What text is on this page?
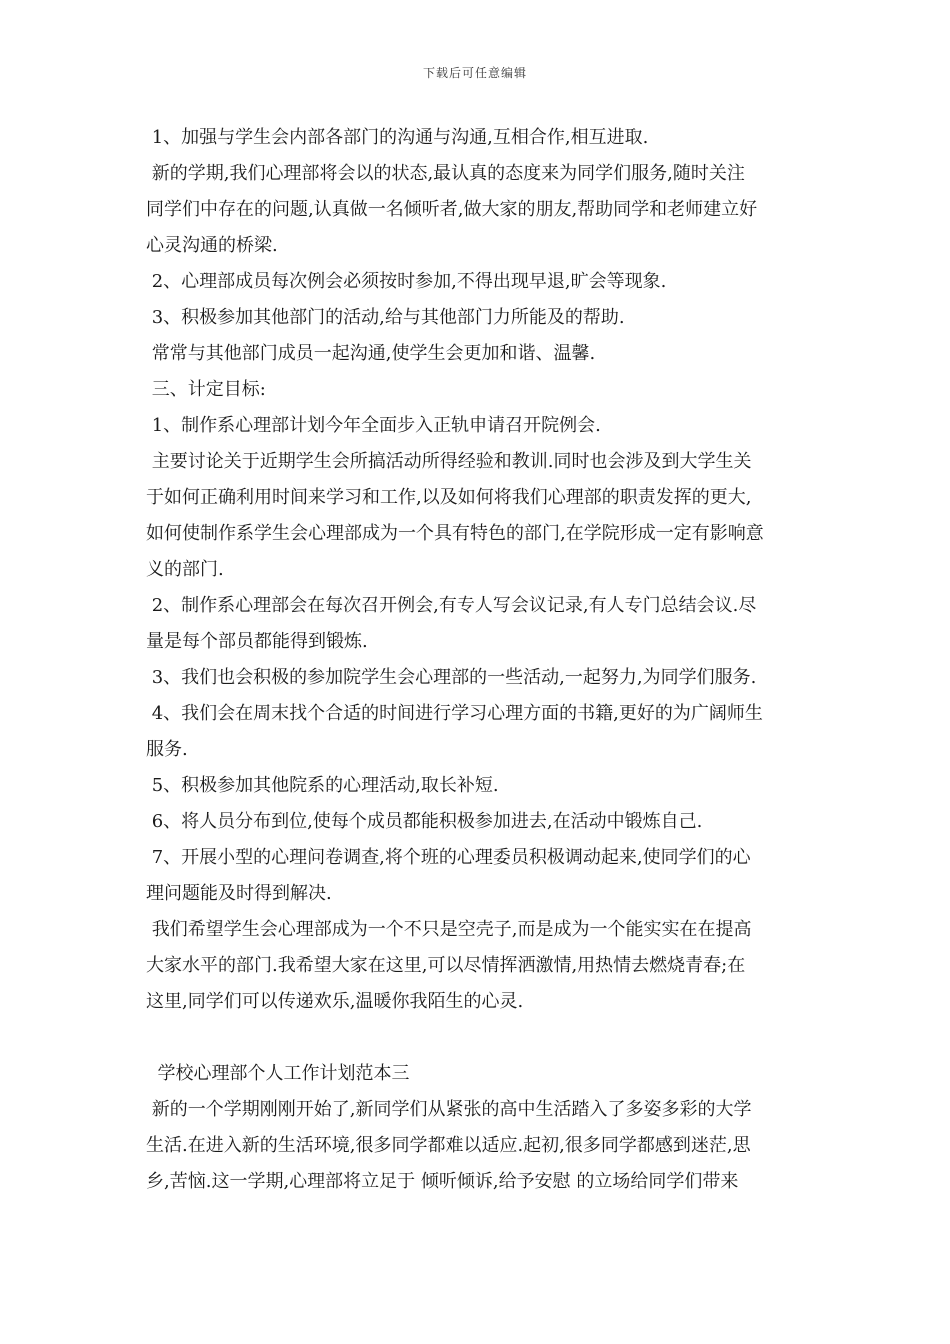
下载后可任意编辑
1、加强与学生会内部各部门的沟通与沟通,互相合作,相互进取.
新的学期,我们心理部将会以的状态,最认真的态度来为同学们服务,随时关注
同学们中存在的问题,认真做一名倾听者,做大家的朋友,帮助同学和老师建立好
心灵沟通的桥梁.
2、心理部成员每次例会必须按时参加,不得出现早退,旷会等现象.
3、积极参加其他部门的活动,给与其他部门力所能及的帮助.
常常与其他部门成员一起沟通,使学生会更加和谐、温馨.
三、计定目标:
1、制作系心理部计划今年全面步入正轨申请召开院例会.
主要讨论关于近期学生会所搞活动所得经验和教训.同时也会涉及到大学生关
于如何正确利用时间来学习和工作,以及如何将我们心理部的职责发挥的更大,
如何使制作系学生会心理部成为一个具有特色的部门,在学院形成一定有影响意
义的部门.
2、制作系心理部会在每次召开例会,有专人写会议记录,有人专门总结会议.尽
量是每个部员都能得到锻炼.
3、我们也会积极的参加院学生会心理部的一些活动,一起努力,为同学们服务.
4、我们会在周末找个合适的时间进行学习心理方面的书籍,更好的为广阔师生
服务.
5、积极参加其他院系的心理活动,取长补短.
6、将人员分布到位,使每个成员都能积极参加进去,在活动中锻炼自己.
7、开展小型的心理问卷调查,将个班的心理委员积极调动起来,使同学们的心
理问题能及时得到解决.
我们希望学生会心理部成为一个不只是空壳子,而是成为一个能实实在在提高
大家水平的部门.我希望大家在这里,可以尽情挥洒激情,用热情去燃烧青春;在
这里,同学们可以传递欢乐,温暖你我陌生的心灵.
学校心理部个人工作计划范本三
新的一个学期刚刚开始了,新同学们从紧张的高中生活踏入了多姿多彩的大学
生活.在进入新的生活环境,很多同学都难以适应.起初,很多同学都感到迷茫,思
乡,苦恼.这一学期,心理部将立足于 倾听倾诉,给予安慰 的立场给同学们带来
